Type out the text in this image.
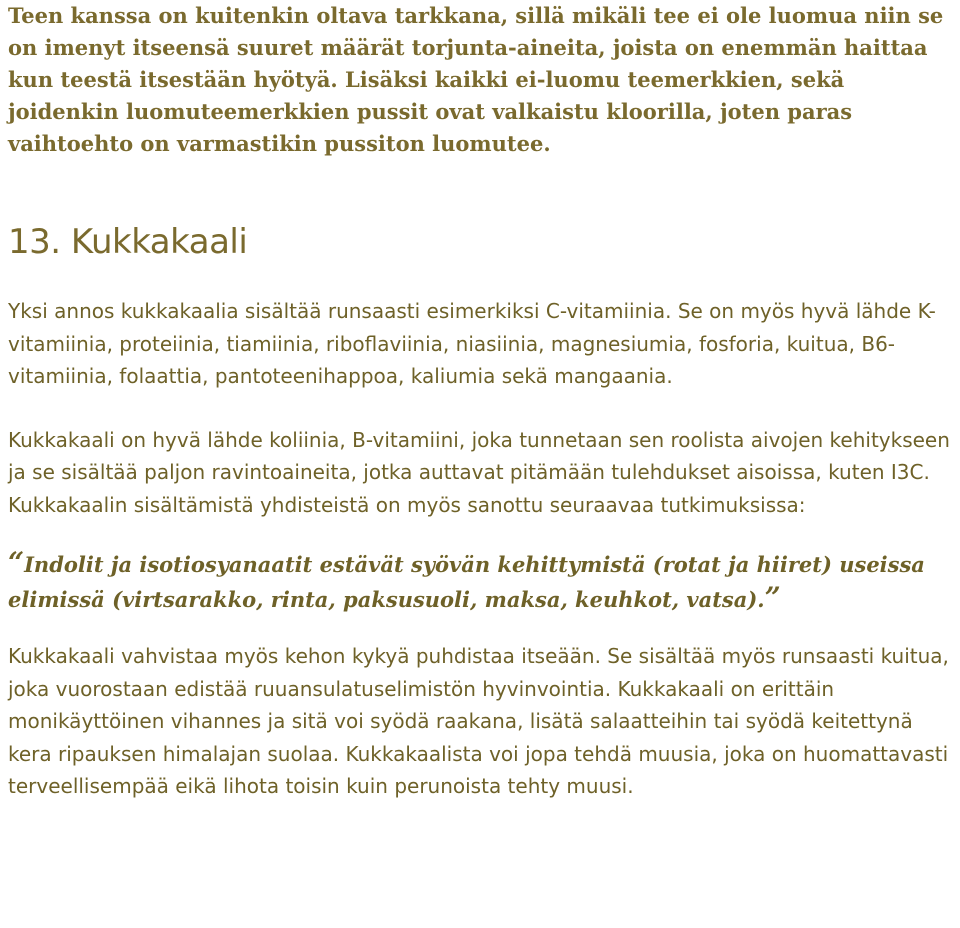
Teen kanssa on kuitenkin oltava tarkkana, sillä mikäli tee ei ole luomua niin se on imenyt itseensä suuret määrät torjunta-aineita, joista on enemmän haittaa kun teestä itsestään hyötyä. Lisäksi kaikki ei-luomu teemerkkien, sekä joidenkin luomuteemerkkien pussit ovat valkaistu kloorilla, joten paras vaihtoehto on varmastikin pussiton luomutee.

13. Kukkakaali

Yksi annos kukkakaalia sisältää runsaasti esimerkiksi C-vitamiinia. Se on myös hyvä lähde K-vitamiinia, proteiinia, tiamiinia, riboflaviinia, niasiinia, magnesiumia, fosforia, kuitua, B6-vitamiinia, folaattia, pantoteenihappoa, kaliumia sekä mangaania.

Kukkakaali on hyvä lähde koliinia, B-vitamiini, joka tunnetaan sen roolista aivojen kehitykseen ja se sisältää paljon ravintoaineita, jotka auttavat pitämään tulehdukset aisoissa, kuten I3C. Kukkakaalin sisältämistä yhdisteistä on myös sanottu seuraavaa tutkimuksissa:

“Indolit ja isotiosyanaatit estävät syövän kehittymistä (rotat ja hiiret) useissa elimissä (virtsarakko, rinta, paksusuoli, maksa, keuhkot, vatsa).”

Kukkakaali vahvistaa myös kehon kykyä puhdistaa itseään. Se sisältää myös runsaasti kuitua, joka vuorostaan edistää ruuansulatuselimistön hyvinvointia. Kukkakaali on erittäin monikäyttöinen vihannes ja sitä voi syödä raakana, lisätä salaatteihin tai syödä keitettynä kera ripauksen himalajan suolaa. Kukkakaalista voi jopa tehdä muusia, joka on huomattavasti terveellisempää eikä lihota toisin kuin perunoista tehty muusi.
